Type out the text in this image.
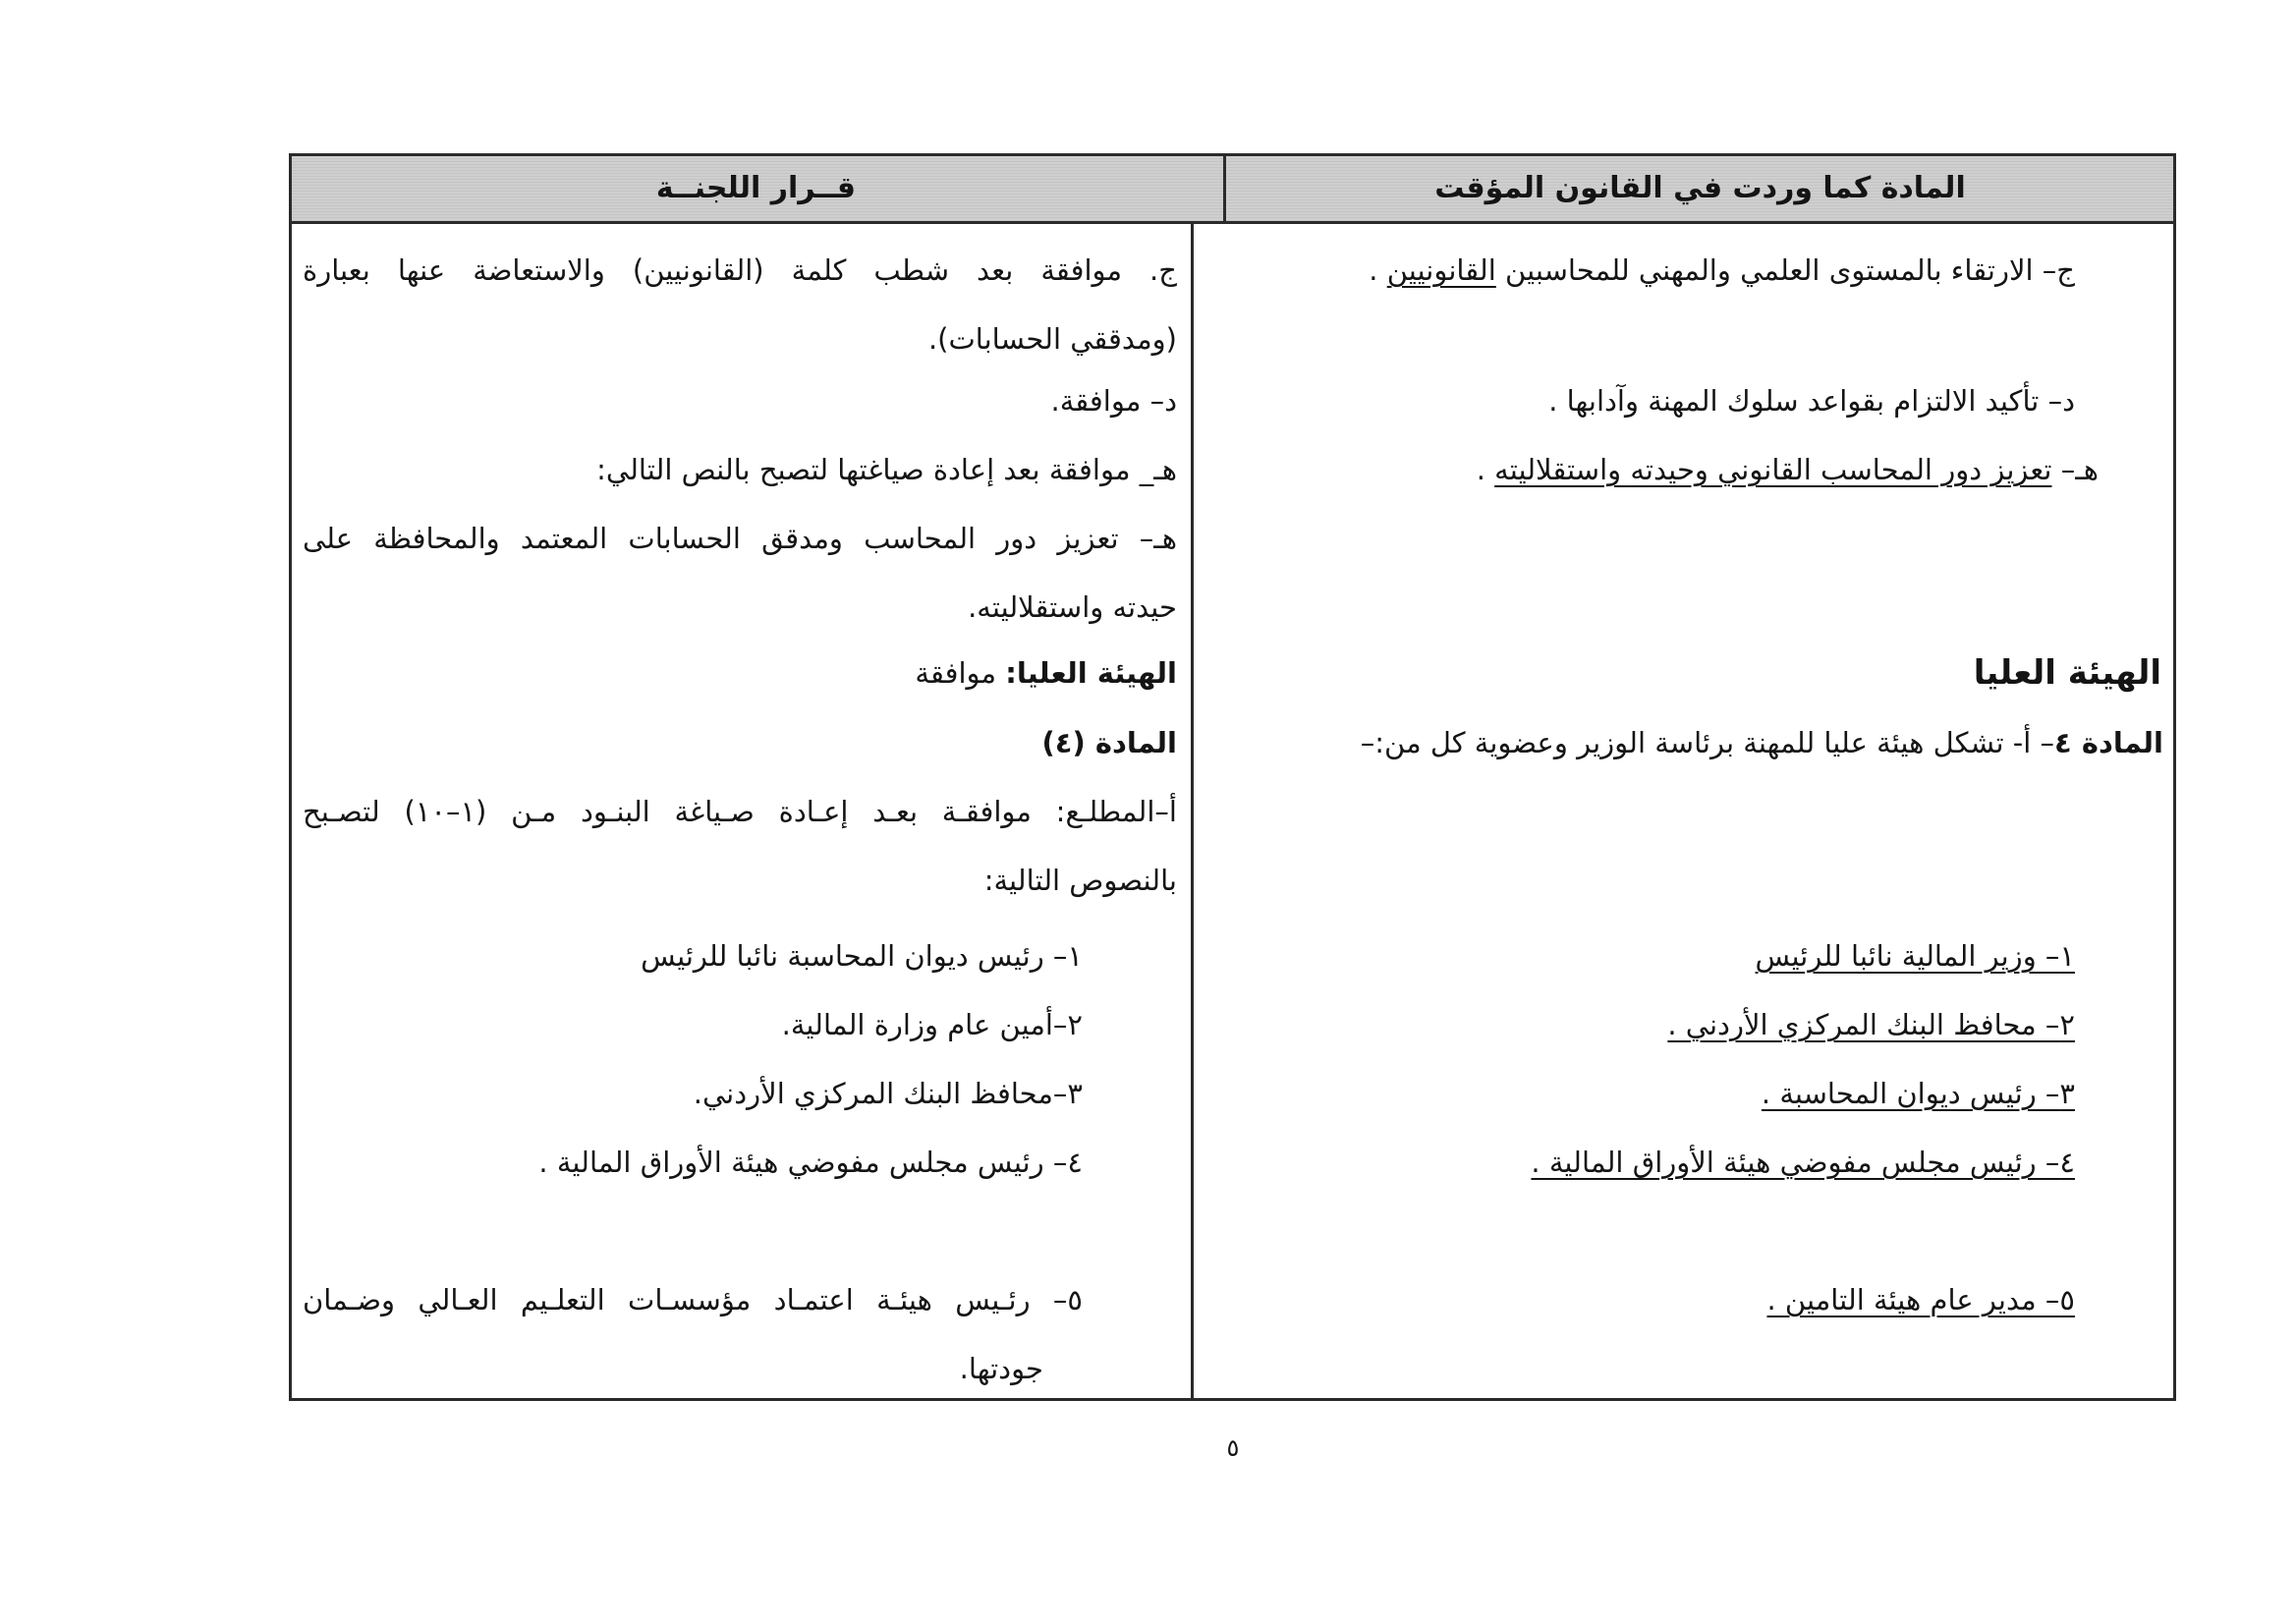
المادة كما وردت في القانون المؤقت
قــرار اللجنــة
ج– الارتقاء بالمستوى العلمي والمهني للمحاسبين القانونيين .
د– تأكيد الالتزام بقواعد سلوك المهنة وآدابها .
هـ– تعزيز دور المحاسب القانوني وحيدته واستقلاليته .
الهيئة العليا
المادة ٤– أ- تشكل هيئة عليا للمهنة برئاسة الوزير وعضوية كل من:–
١– وزير المالية نائبا للرئيس
٢– محافظ البنك المركزي الأردني .
٣– رئيس ديوان المحاسبة .
٤– رئيس مجلس مفوضي هيئة الأوراق المالية .
٥– مدير عام هيئة التامين .
ج. موافقة بعد شطب كلمة (القانونيين) والاستعاضة عنها بعبارة
(ومدققي الحسابات).
د– موافقة.
هـ_ موافقة بعد إعادة صياغتها لتصبح بالنص التالي:
هـ– تعزيز دور المحاسب ومدقق الحسابات المعتمد والمحافظة على
حيدته واستقلاليته.
الهيئة العليا: موافقة
المادة (٤)
أ–المطلـع: موافقـة بعـد إعـادة صـياغة البنـود مـن (١–١٠) لتصـبح
بالنصوص التالية:
١– رئيس ديوان المحاسبة نائبا للرئيس
٢–أمين عام وزارة المالية.
٣–محافظ البنك المركزي الأردني.
٤– رئيس مجلس مفوضي هيئة الأوراق المالية .
٥– رئـيس هيئـة اعتمـاد مؤسسـات التعلـيم العـالي وضـمان
جودتها.
٥
